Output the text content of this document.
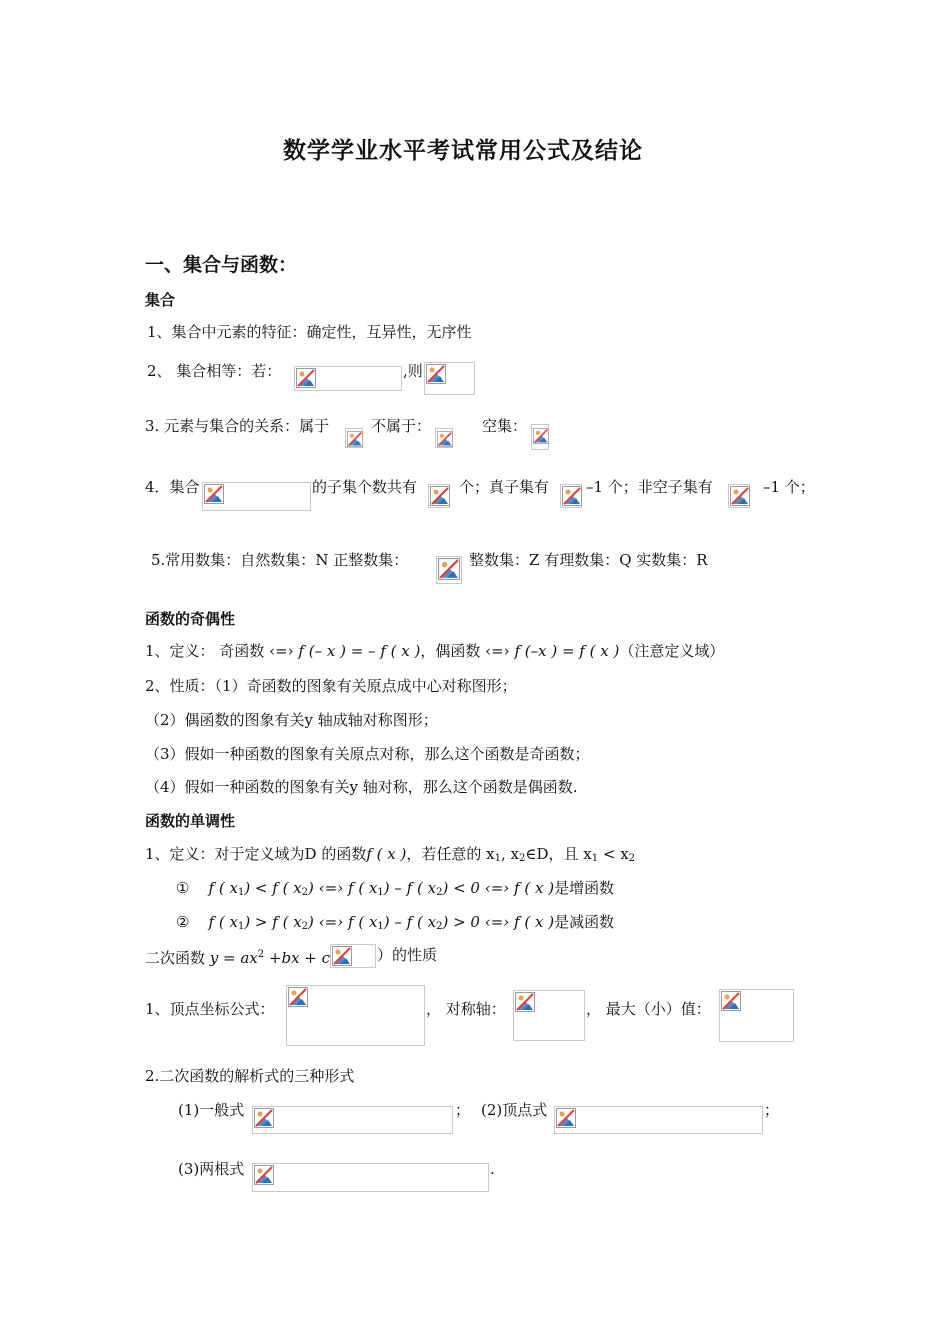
数学学业水平考试常用公式及结论
一、集合与函数：
集合
1、集合中元素的特征：确定性，互异性，无序性
2、 集合相等：若：	,则
3. 元素与集合的关系：属于	不属于：	空集：
4．集合	的子集个数共有	个；真子集有 –1 个；非空子集有	–1 个；
5.常用数集：自然数集：N 正整数集：	整数集：Z 有理数集：Q 实数集：R
函数的奇偶性
1、定义： 奇函数 ‹=› f (– x ) = – f ( x )，偶函数 ‹=› f (–x ) = f ( x )（注意定义域）
2、性质：（1）奇函数的图象有关原点成中心对称图形；
（2）偶函数的图象有关y 轴成轴对称图形；
（3）假如一种函数的图象有关原点对称，那么这个函数是奇函数；
（4）假如一种函数的图象有关y 轴对称，那么这个函数是偶函数.
函数的单调性
1、定义：对于定义域为D 的函数f ( x )，若任意的 $x_1$, $x_2\in D$，且 $x_1 < x_2$
① f ( $x_1) < f$ ( $x_2$) ‹=› f ( $x_1$) – f ( $x_2) < 0$ ‹=› f ( x )是增函数
② f ( $x_1) > f$ ( $x_2$) ‹=› f ( $x_1$) – f ( $x_2) > 0$ ‹=› f ( x )是减函数
二次函数 $y = ax^2 +bx + c$	）的性质
1、顶点坐标公式：	， 对称轴：	， 最大（小）值：
2.二次函数的解析式的三种形式
(1)一般式	； (2)顶点式	；
(3)两根式	.
